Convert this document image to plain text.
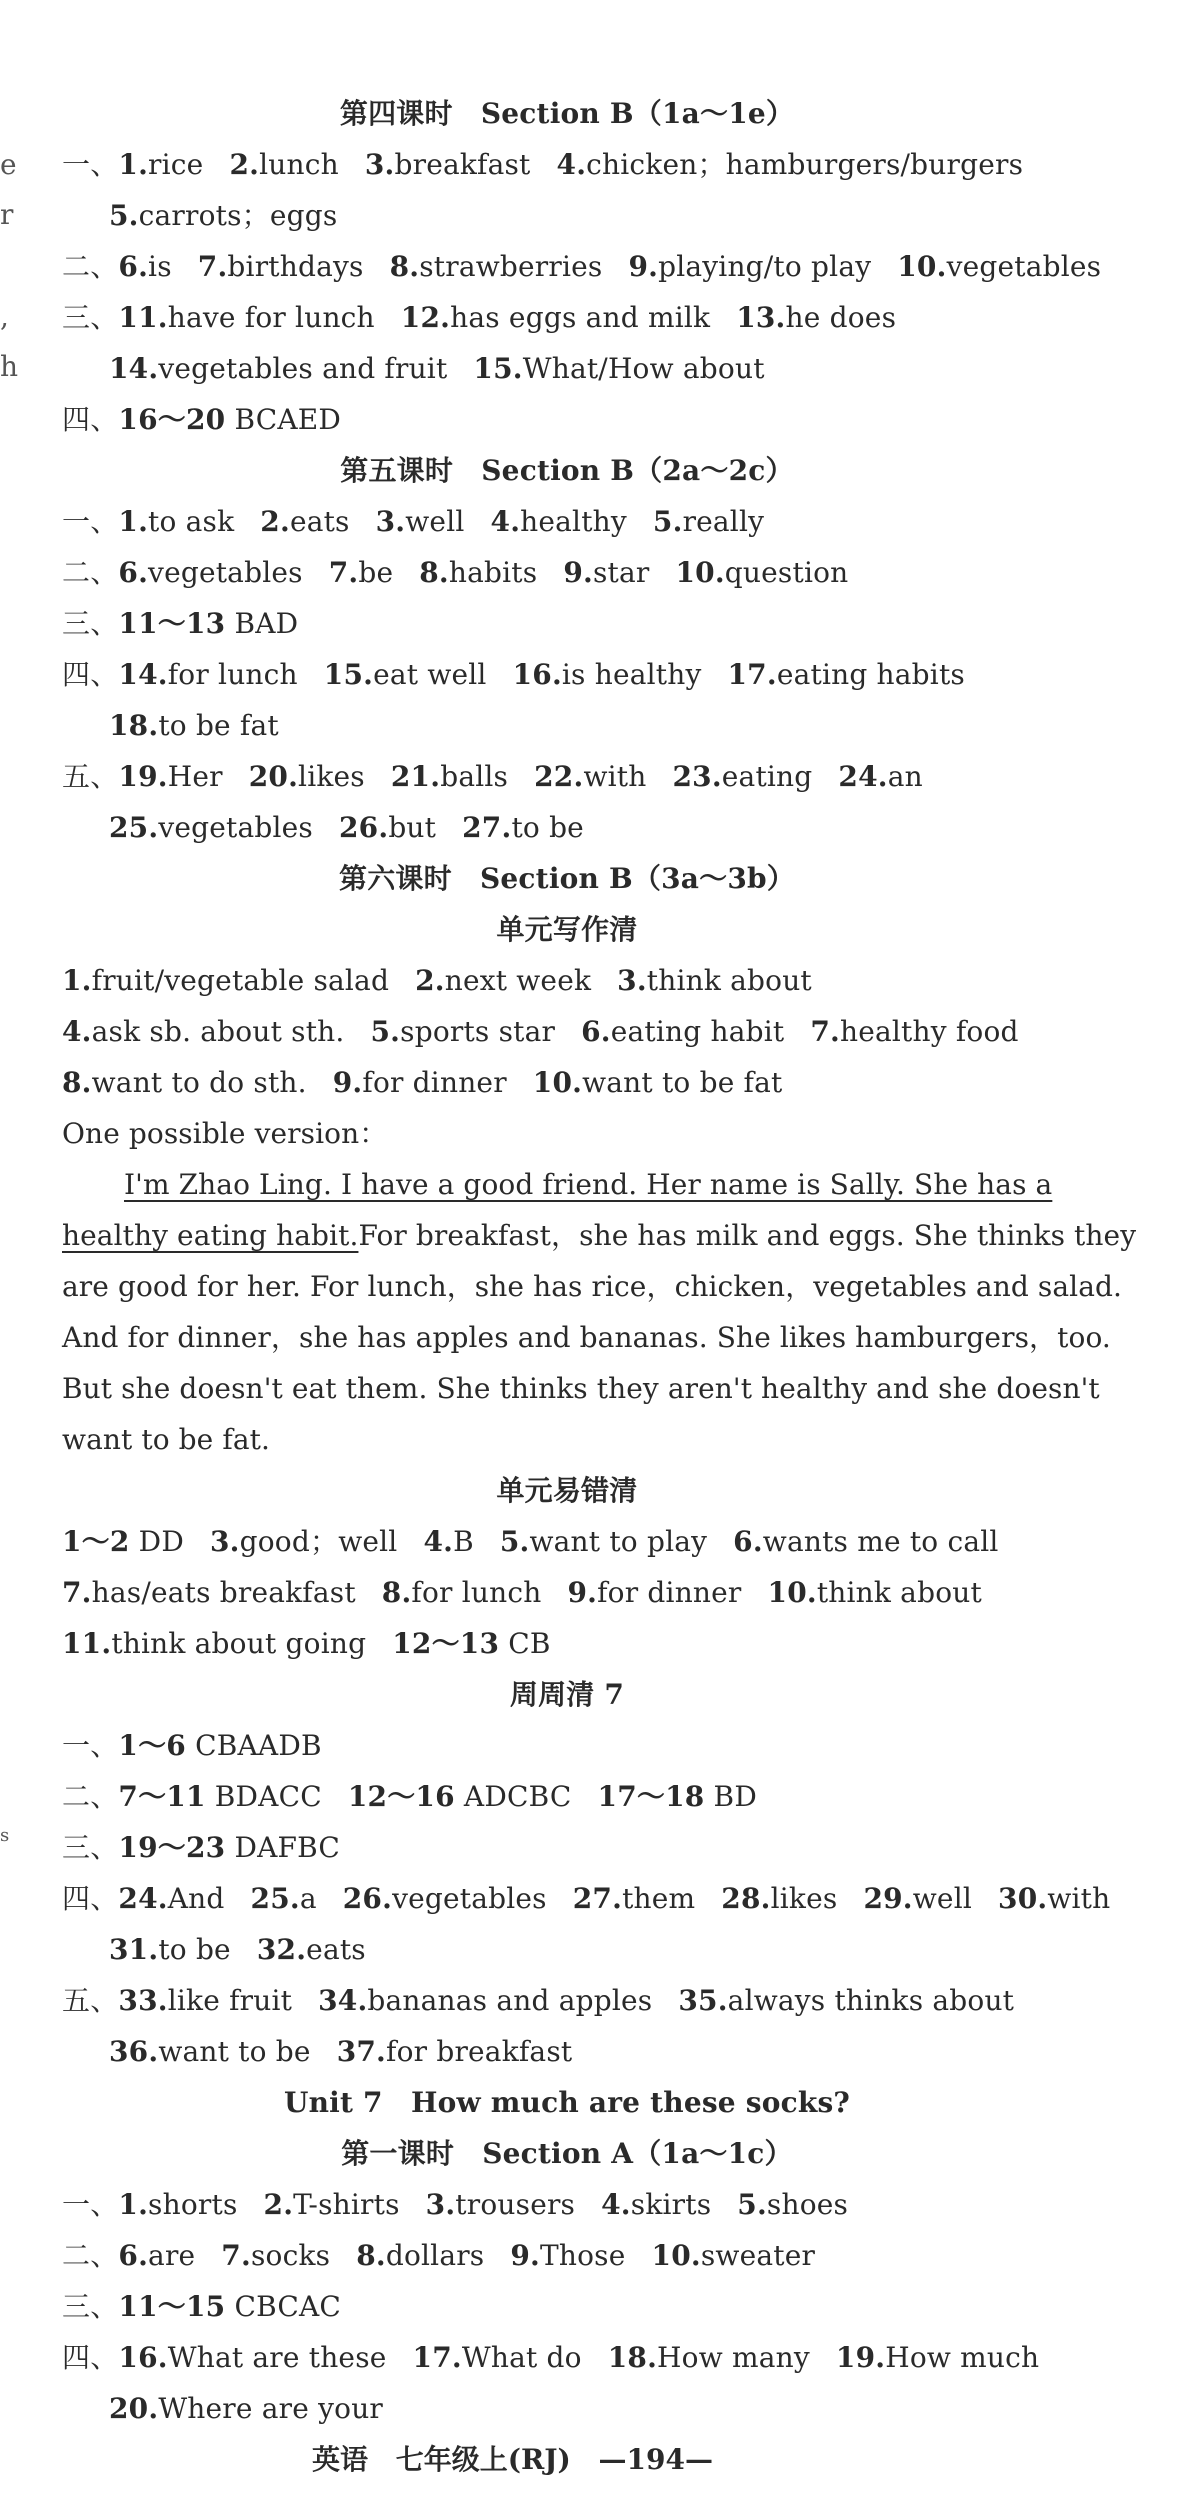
e
r
,
h
s
第四课时　Section B（1a～1e）
一、1.rice 2.lunch 3.breakfast 4.chicken；hamburgers/burgers
5.carrots；eggs
二、6.is 7.birthdays 8.strawberries 9.playing/to play 10.vegetables
三、11.have for lunch 12.has eggs and milk 13.he does
14.vegetables and fruit 15.What/How about
四、16～20 BCAED
第五课时　Section B（2a～2c）
一、1.to ask 2.eats 3.well 4.healthy 5.really
二、6.vegetables 7.be 8.habits 9.star 10.question
三、11～13 BAD
四、14.for lunch 15.eat well 16.is healthy 17.eating habits
18.to be fat
五、19.Her 20.likes 21.balls 22.with 23.eating 24.an
25.vegetables 26.but 27.to be
第六课时　Section B（3a～3b）
单元写作清
1.fruit/vegetable salad 2.next week 3.think about
4.ask sb. about sth. 5.sports star 6.eating habit 7.healthy food
8.want to do sth. 9.for dinner 10.want to be fat
One possible version：
I'm Zhao Ling. I have a good friend. Her name is Sally. She has a
healthy eating habit.For breakfast，she has milk and eggs. She thinks they
are good for her. For lunch，she has rice，chicken，vegetables and salad.
And for dinner，she has apples and bananas. She likes hamburgers，too.
But she doesn't eat them. She thinks they aren't healthy and she doesn't
want to be fat.
单元易错清
1～2 DD 3.good；well 4.B 5.want to play 6.wants me to call
7.has/eats breakfast 8.for lunch 9.for dinner 10.think about
11.think about going 12～13 CB
周周清 7
一、1～6 CBAADB
二、7～11 BDACC 12～16 ADCBC 17～18 BD
三、19～23 DAFBC
四、24.And 25.a 26.vegetables 27.them 28.likes 29.well 30.with
31.to be 32.eats
五、33.like fruit 34.bananas and apples 35.always thinks about
36.want to be 37.for breakfast
Unit 7　How much are these socks?
第一课时　Section A（1a～1c）
一、1.shorts 2.T-shirts 3.trousers 4.skirts 5.shoes
二、6.are 7.socks 8.dollars 9.Those 10.sweater
三、11～15 CBCAC
四、16.What are these 17.What do 18.How many 19.How much
20.Where are your
英语 七年级上(RJ) —194—
